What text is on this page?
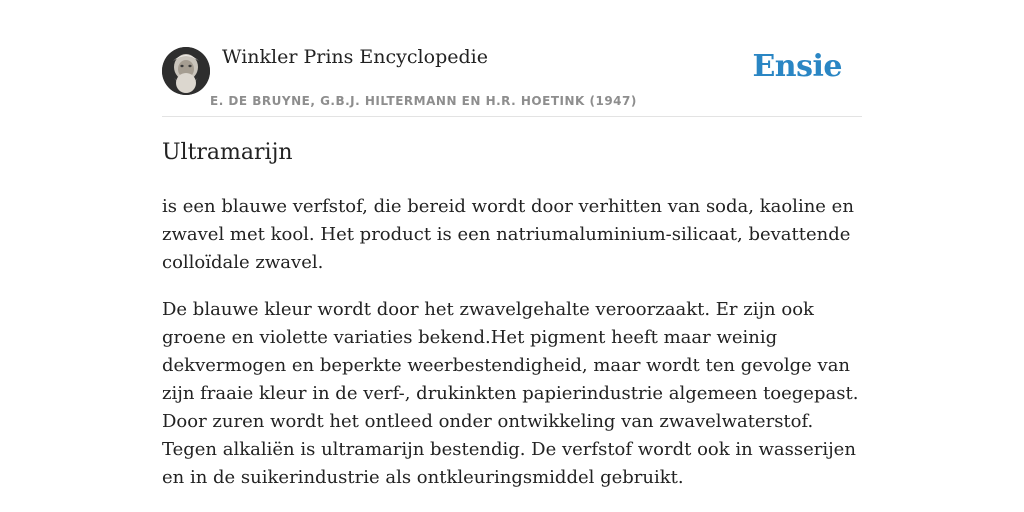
Winkler Prins Encyclopedie
E. DE BRUYNE, G.B.J. HILTERMANN EN H.R. HOETINK (1947)
Ensie
Ultramarijn

is een blauwe verfstof, die bereid wordt door verhitten van soda, kaoline en zwavel met kool. Het product is een natriumaluminium-silicaat, bevattende colloïdale zwavel.

De blauwe kleur wordt door het zwavelgehalte veroorzaakt. Er zijn ook groene en violette variaties bekend.Het pigment heeft maar weinig dekvermogen en beperkte weerbestendigheid, maar wordt ten gevolge van zijn fraaie kleur in de verf-, drukinkten papierindustrie algemeen toegepast. Door zuren wordt het ontleed onder ontwikkeling van zwavelwaterstof. Tegen alkaliën is ultramarijn bestendig. De verfstof wordt ook in wasserijen en in de suikerindustrie als ontkleuringsmiddel gebruikt.
